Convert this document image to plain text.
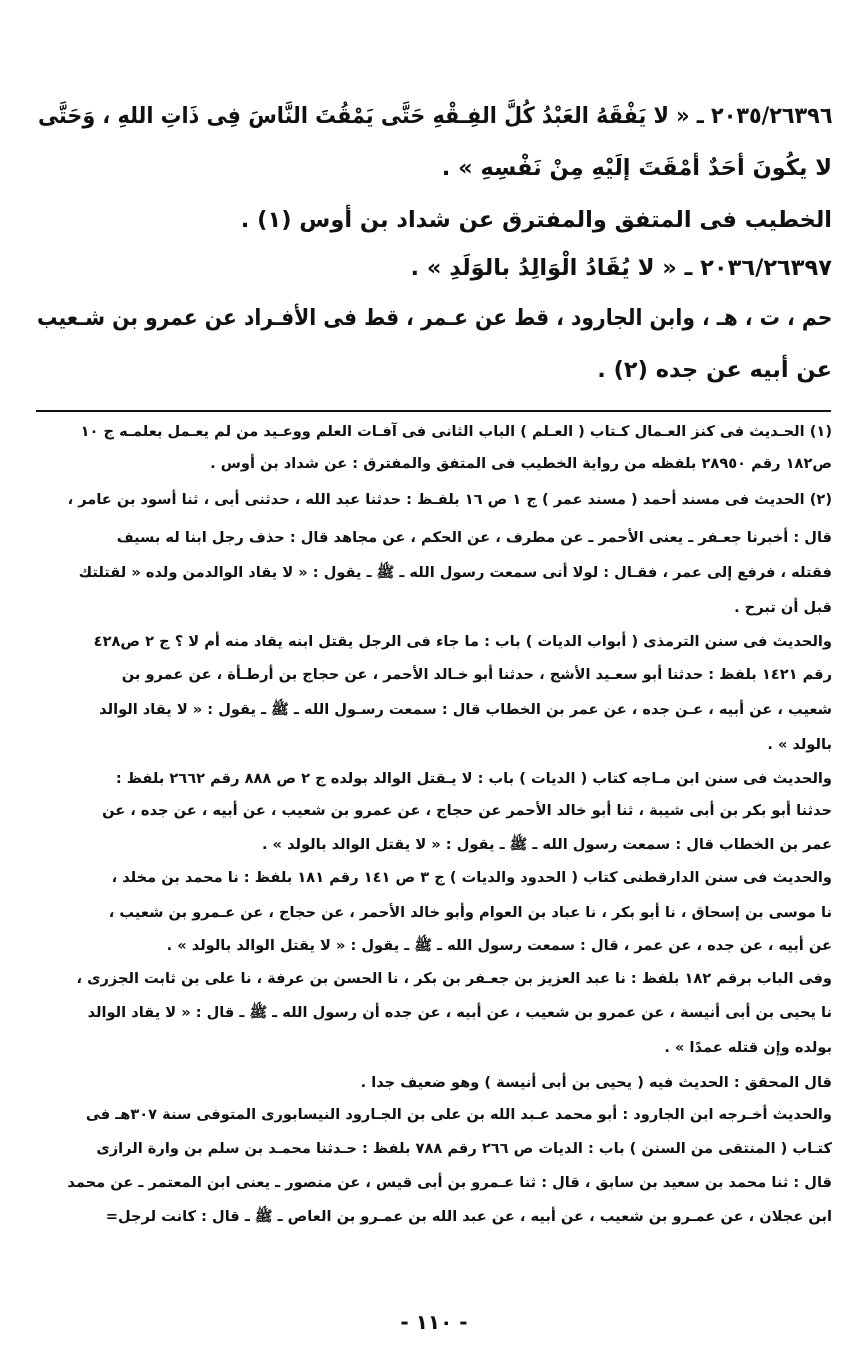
٢٠٣٥/٢٦٣٩٦ ـ « لا يَفْقَهُ العَبْدُ كُلَّ الفِـقْهِ حَتَّى يَمْقُتَ النَّاسَ فِى ذَاتِ اللهِ ، وَحَتَّى
لا يكُونَ أحَدٌ أمْقَتَ إلَيْهِ مِنْ نَفْسِهِ » .
الخطيب فى المتفق والمفترق عن شداد بن أوس (١) .
٢٠٣٦/٢٦٣٩٧ ـ « لا يُقَادُ الْوَالِدُ بالوَلَدِ » .
حم ، ت ، هـ ، وابن الجارود ، قط عن عـمر ، قط فى الأفـراد عن عمرو بن شـعيب
عن أبيه عن جده (٢) .
(١) الحـديث فى كنز العـمال كـتاب ( العـلم ) الباب الثانى فى آفـات العلم ووعـيد من لم يعـمل بعلمـه ج ١٠
ص١٨٢ رقم ٢٨٩٥٠ بلفظه من رواية الخطيب فى المتفق والمفترق : عن شداد بن أوس .
(٢) الحديث فى مسند أحمد ( مسند عمر ) ج ١ ص ١٦ بلفـظ : حدثنا عبد الله ، حدثنى أبى ، ثنا أسود بن عامر ،
قال : أخبرنا جعـفر ـ يعنى الأحمر ـ عن مطرف ، عن الحكم ، عن مجاهد قال : حذف رجل ابنا له بسيف
فقتله ، فرفع إلى عمر ، فقـال : لولا أنى سمعت رسول الله ـ ﷺ ـ يقول : « لا يقاد الوالدمن ولده « لقتلتك
قبل أن تبرح .
والحديث فى سنن الترمذى ( أبواب الديات ) باب : ما جاء فى الرجل يقتل ابنه يقاد منه أم لا ؟ ج ٢ ص٤٢٨
رقم ١٤٢١ بلفظ : حدثنا أبو سعـيد الأشج ، حدثنا أبو خـالد الأحمر ، عن حجاج بن أرطـأة ، عن عمرو بن
شعيب ، عن أبيه ، عـن جده ، عن عمر بن الخطاب قال : سمعت رسـول الله ـ ﷺ ـ يقول : « لا يقاد الوالد
بالولد » .
والحديث فى سنن ابن مـاجه كتاب ( الديات ) باب : لا يـقتل الوالد بولده ج ٢ ص ٨٨٨ رقم ٢٦٦٢ بلفظ :
حدثنا أبو بكر بن أبى شيبة ، ثنا أبو خالد الأحمر عن حجاج ، عن عمرو بن شعيب ، عن أبيه ، عن جده ، عن
عمر بن الخطاب قال : سمعت رسول الله ـ ﷺ ـ يقول : « لا يقتل الوالد بالولد » .
والحديث فى سنن الدارقطنى كتاب ( الحدود والديات ) ج ٣ ص ١٤١ رقم ١٨١ بلفظ : نا محمد بن مخلد ،
نا موسى بن إسحاق ، نا أبو بكر ، نا عباد بن العوام وأبو خالد الأحمر ، عن حجاج ، عن عـمرو بن شعيب ،
عن أبيه ، عن جده ، عن عمر ، قال : سمعت رسول الله ـ ﷺ ـ يقول : « لا يقتل الوالد بالولد » .
وفى الباب برقم ١٨٢ بلفظ : نا عبد العزيز بن جعـفر بن بكر ، نا الحسن بن عرفة ، نا على بن ثابت الجزرى ،
نا يحيى بن أبى أنيسة ، عن عمرو بن شعيب ، عن أبيه ، عن جده أن رسول الله ـ ﷺ ـ قال : « لا يقاد الوالد
بولده وإن قتله عمدًا » .
قال المحقق : الحديث فيه ( يحيى بن أبى أنيسة ) وهو ضعيف جدا .
والحديث أخـرجه ابن الجارود : أبو محمد عـبد الله بن على بن الجـارود النيسابورى المتوفى سنة ٣٠٧هـ فى
كتـاب ( المنتقى من السنن ) باب : الديات ص ٢٦٦ رقم ٧٨٨ بلفظ : حـدثنا محمـد بن سلم بن وارة الرازى
قال : ثنا محمد بن سعيد بن سابق ، قال : ثنا عـمرو بن أبى قيس ، عن منصور ـ يعنى ابن المعتمر ـ عن محمد
ابن عجلان ، عن عمـرو بن شعيب ، عن أبيه ، عن عبد الله بن عمـرو بن العاص ـ ﷺ ـ قال : كانت لرجل=
- ١١٠ -
